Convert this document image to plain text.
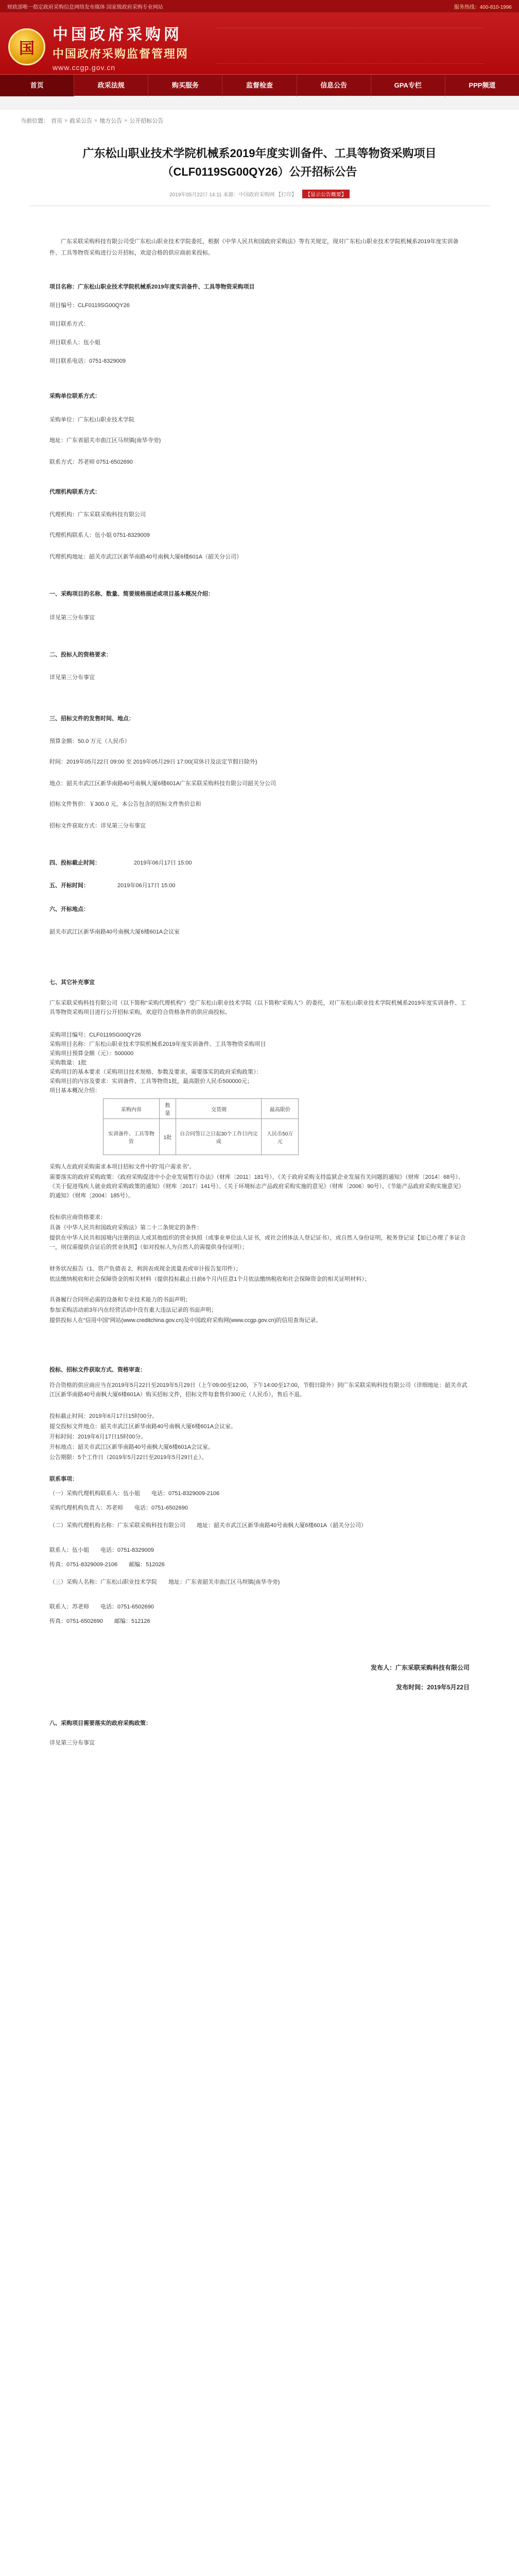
财政部唯一指定政府采购信息网络发布媒体 国家级政府采购专业网站	服务热线：400-810-1996
国
中国政府采购网
中国政府采购监督管理网
www.ccgp.gov.cn
首页	政采法规	购买服务	监督检查	信息公告	GPA专栏	PPP频道
当前位置： 首页 » 政采公告 » 地方公告 » 公开招标公告
广东松山职业技术学院机械系2019年度实训备件、工具等物资采购项目
（CLF0119SG00QY26）公开招标公告
2019年05月22日 14:11 来源：中国政府采购网 【打印】 【显示公告概要】
广东采联采购科技有限公司受广东松山职业技术学院委托，根据《中华人民共和国政府采购法》等有关规定，现对广东松山职业技术学院机械系2019年度实训备件、工具等物资采购进行公开招标，欢迎合格的供应商前来投标。
项目名称：广东松山职业技术学院机械系2019年度实训备件、工具等物资采购项目
项目编号：CLF0119SG00QY26
项目联系方式：
项目联系人：伍小姐
项目联系电话：0751-8329009
采购单位联系方式：
采购单位：广东松山职业技术学院
地址：广东省韶关市曲江区马坝镇(南华寺旁)
联系方式：苏老师 0751-6502690
代理机构联系方式：
代理机构：广东采联采购科技有限公司
代理机构联系人：伍小姐 0751-8329009
代理机构地址：韶关市武江区新华南路40号南枫大厦6楼601A（韶关分公司）
一、采购项目的名称、数量、简要规格描述或项目基本概况介绍：
详见第三分布事宜
二、投标人的资格要求：
详见第三分布事宜
三、招标文件的发售时间、地点：
预算金额：50.0 万元（人民币）
时间：2019年05月22日 09:00 至 2019年05月29日 17:00(双休日及法定节假日除外)
地点：韶关市武江区新华南路40号南枫大厦6楼601A广东采联采购科技有限公司韶关分公司
招标文件售价：￥300.0 元，本公告包含的招标文件售价总和
招标文件获取方式：详见第三分布事宜
四、投标截止时间：	2019年06月17日 15:00
五、开标时间：	2019年06月17日 15:00
六、开标地点：
韶关市武江区新华南路40号南枫大厦6楼601A会议室
七、其它补充事宜
广东采联采购科技有限公司（以下简称“采购代理机构”）受广东松山职业技术学院（以下简称“采购人”）的委托，对广东松山职业技术学院机械系2019年度实训备件、工具等物资采购项目进行公开招标采购，欢迎符合资格条件的供应商投标。
采购项目编号：CLF0119SG00QY26
采购项目名称：广东松山职业技术学院机械系2019年度实训备件、工具等物资采购项目
采购项目预算金额（元）：500000
采购数量：1批
采购项目的基本要求（采购项目技术规格、参数及要求，需要落实的政府采购政策）：
采购项目的内容及要求：实训备件、工具等物资1批，最高限价人民币500000元；
项目基本概况介绍：
采购内容	数量	交货期	最高限价
实训备件、工具等物资	1批	自合同签订之日起30个工作日内完成	人民币50万元
采购人在政府采购需求本项目招标文件中的“用户需求书”。
需要落实的政府采购政策：《政府采购促进中小企业发展暂行办法》（财库〔2011〕181号）、《关于政府采购支持监狱企业发展有关问题的通知》（财库〔2014〕68号）、《关于促进残疾人就业政府采购政策的通知》（财库〔2017〕141号）、《关于环境标志产品政府采购实施的意见》（财库〔2006〕90号）、《节能产品政府采购实施意见》的通知》（财库〔2004〕185号）。
投标供应商资格要求：
具备《中华人民共和国政府采购法》第二十二条规定的条件：
提供在中华人民共和国境内注册的法人或其他组织的营业执照（或事业单位法人证书，或社会团体法人登记证书），或自然人身份证明，税务登记证【如已办理了多证合一，则仅需提供合证后的营业执照】（如对投标人为自然人的需提供身份证明）；
财务状况报告（1、资产负债表 2、利润表或现金流量表或审计报告复印件）；
依法缴纳税收和社会保障资金的相关材料（提供投标截止日前6个月内任意1个月依法缴纳税收和社会保障资金的相关证明材料）；
具备履行合同所必需的设备和专业技术能力的书面声明；
参加采购活动前3年内在经营活动中没有重大违法记录的书面声明；
提供投标人在“信用中国”网站(www.creditchina.gov.cn)及中国政府采购网(www.ccgp.gov.cn)的信用查询记录。
投标、招标文件获取方式、资格审查：
符合资格的供应商应当在2019年5月22日至2019年5月29日（上午09:00至12:00，下午14:00至17:00，节假日除外）到广东采联采购科技有限公司（详细地址：韶关市武江区新华南路40号南枫大厦6楼601A）购买招标文件，招标文件每套售价300元（人民币），售后不退。
投标截止时间：2019年6月17日15时00分。
提交投标文件地点：韶关市武江区新华南路40号南枫大厦6楼601A会议室。
开标时间：2019年6月17日15时00分。
开标地点：韶关市武江区新华南路40号南枫大厦6楼601A会议室。
公告期限：5个工作日（2019年5月22日至2019年5月29日止）。
联系事项：
（一）采购代理机构联系人：伍小姐　　电话：0751-8329009-2106
采购代理机构负责人：苏老师　　电话：0751-6502690
（二）采购代理机构名称：广东采联采购科技有限公司　　地址：韶关市武江区新华南路40号南枫大厦6楼601A（韶关分公司）
联系人：伍小姐　　电话：0751-8329009
传真：0751-8329009-2106　　邮编：512026
（三）采购人名称：广东松山职业技术学院　　地址：广东省韶关市曲江区马坝镇(南华寺旁)
联系人：苏老师　　电话：0751-6502690
传真：0751-6502690　　邮编：512126
发布人：广东采联采购科技有限公司
发布时间：2019年5月22日
八、采购项目需要落实的政府采购政策：
详见第三分布事宜
